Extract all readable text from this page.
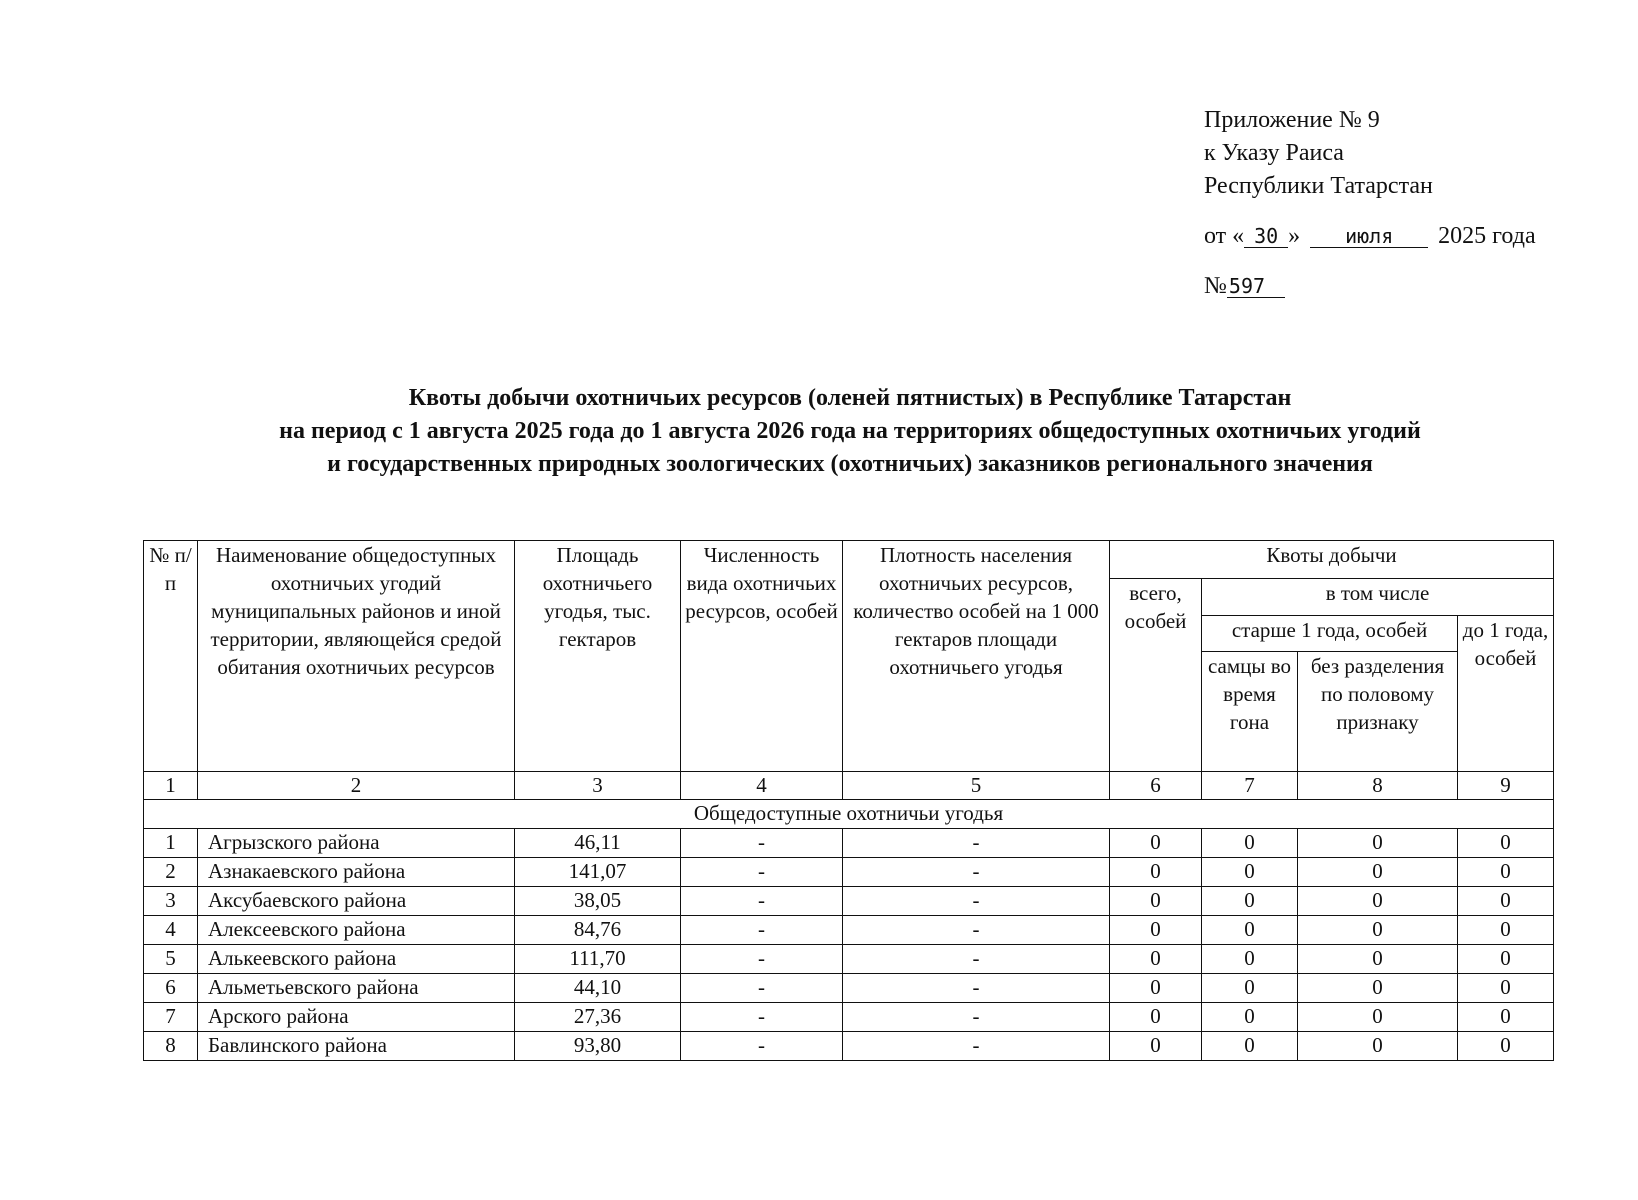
Приложение № 9
к Указу Раиса
Республики Татарстан
от « 30 » июля 2025 года
№ 597
Квоты добычи охотничьих ресурсов (оленей пятнистых) в Республике Татарстан
на период с 1 августа 2025 года до 1 августа 2026 года на территориях общедоступных охотничьих угодий
и государственных природных зоологических (охотничьих) заказников регионального значения
№ п/п	Наименование общедоступных охотничьих угодий муниципальных районов и иной территории, являющейся средой обитания охотничьих ресурсов	Площадь охотничьего угодья, тыс. гектаров	Численность вида охотничьих ресурсов, особей	Плотность населения охотничьих ресурсов, количество особей на 1 000 гектаров площади охотничьего угодья	Квоты добычи			
					всего, особей	в том числе		
						старше 1 года, особей		до 1 года, особей
						самцы во время гона	без разделения по половому признаку	
1	2	3	4	5	6	7	8	9
Общедоступные охотничьи угодья								
1	Агрызского района	46,11	-	-	0	0	0	0
2	Азнакаевского района	141,07	-	-	0	0	0	0
3	Аксубаевского района	38,05	-	-	0	0	0	0
4	Алексеевского района	84,76	-	-	0	0	0	0
5	Алькеевского района	111,70	-	-	0	0	0	0
6	Альметьевского района	44,10	-	-	0	0	0	0
7	Арского района	27,36	-	-	0	0	0	0
8	Бавлинского района	93,80	-	-	0	0	0	0
